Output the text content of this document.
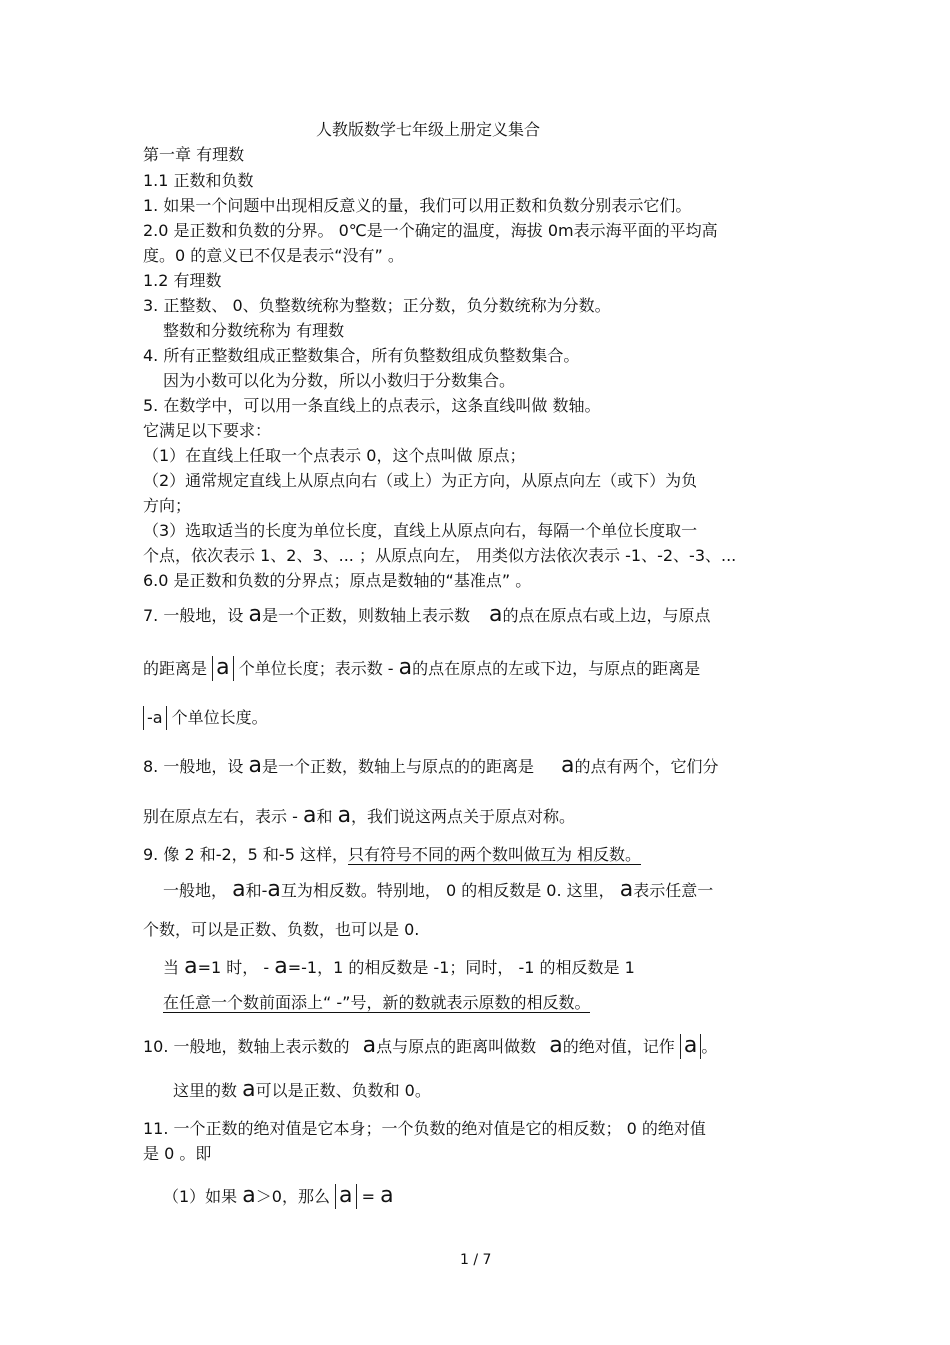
人教版数学七年级上册定义集合
第一章 有理数
1.1 正数和负数
1. 如果一个问题中出现相反意义的量，我们可以用正数和负数分别表示它们。
2.0 是正数和负数的分界。 0℃是一个确定的温度，海拔 0m表示海平面的平均高
度。0 的意义已不仅是表示“没有” 。
1.2 有理数
3. 正整数、 0、负整数统称为整数；正分数，负分数统称为分数。
整数和分数统称为 有理数
4. 所有正整数组成正整数集合，所有负整数组成负整数集合。
因为小数可以化为分数，所以小数归于分数集合。
5. 在数学中，可以用一条直线上的点表示，这条直线叫做 数轴。
它满足以下要求：
（1）在直线上任取一个点表示 0，这个点叫做 原点；
（2）通常规定直线上从原点向右（或上）为正方向，从原点向左（或下）为负
方向；
（3）选取适当的长度为单位长度，直线上从原点向右，每隔一个单位长度取一
个点，依次表示 1、2、3、... ；从原点向左， 用类似方法依次表示 -1、-2、-3、...
6.0 是正数和负数的分界点；原点是数轴的“基准点” 。
7. 一般地，设 a是一个正数，则数轴上表示数 a的点在原点右或上边，与原点
的距离是 a 个单位长度；表示数 - a的点在原点的左或下边，与原点的距离是
-a 个单位长度。
8. 一般地，设 a是一个正数，数轴上与原点的的距离是 a的点有两个，它们分
别在原点左右，表示 - a和 a，我们说这两点关于原点对称。
9. 像 2 和-2，5 和-5 这样，只有符号不同的两个数叫做互为 相反数。
一般地， a和-a互为相反数。特别地， 0 的相反数是 0. 这里， a表示任意一
个数，可以是正数、负数，也可以是 0.
当 a=1 时， - a=-1，1 的相反数是 -1；同时， -1 的相反数是 1
在任意一个数前面添上“ -”号，新的数就表示原数的相反数。
10. 一般地，数轴上表示数的 a点与原点的距离叫做数 a的绝对值，记作 a 。
这里的数 a可以是正数、负数和 0。
11. 一个正数的绝对值是它本身；一个负数的绝对值是它的相反数； 0 的绝对值
是 0 。即
（1）如果 a＞0，那么 a = a
1 / 7
